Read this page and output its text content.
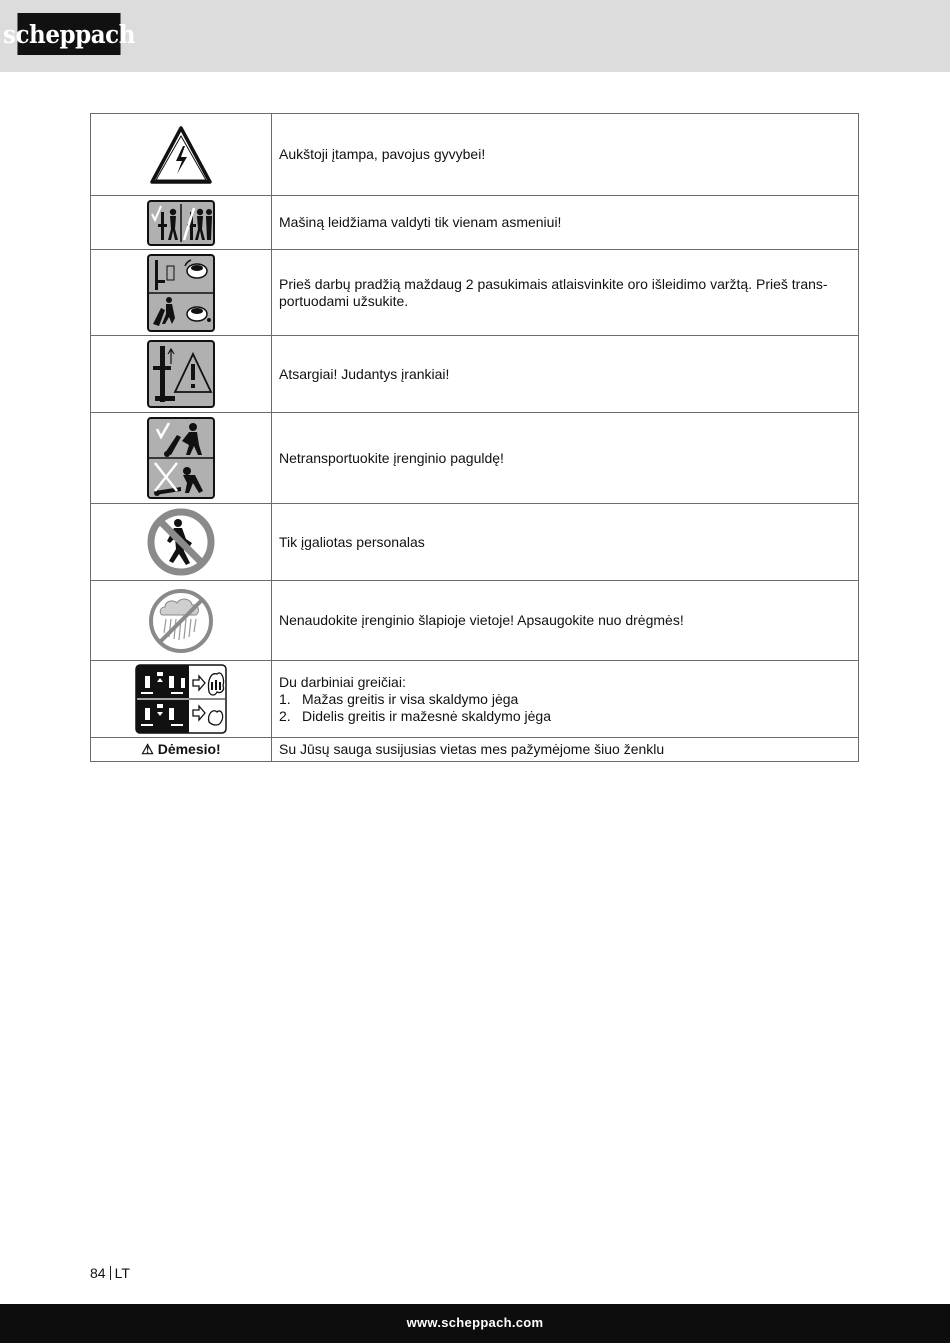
scheppach
	Aukštoji įtampa, pavojus gyvybei!

	Mašiną leidžiama valdyti tik vienam asmeniui!

	Prieš darbų pradžią maždaug 2 pasukimais atlaisvinkite oro išleidimo varžtą. Prieš trans-portuodami užsukite.

	Atsargiai! Judantys įrankiai!

	Netransportuokite įrenginio paguldę!

	Tik įgaliotas personalas

	Nenaudokite įrenginio šlapioje vietoje! Apsaugokite nuo drėgmės!

Du darbiniai greičiai:
1. Mažas greitis ir visa skaldymo jėga
2. Didelis greitis ir mažesnė skaldymo jėga

⚠ Dėmesio!	Su Jūsų sauga susijusias vietas mes pažymėjome šiuo ženklu
84 LT
www.scheppach.com
